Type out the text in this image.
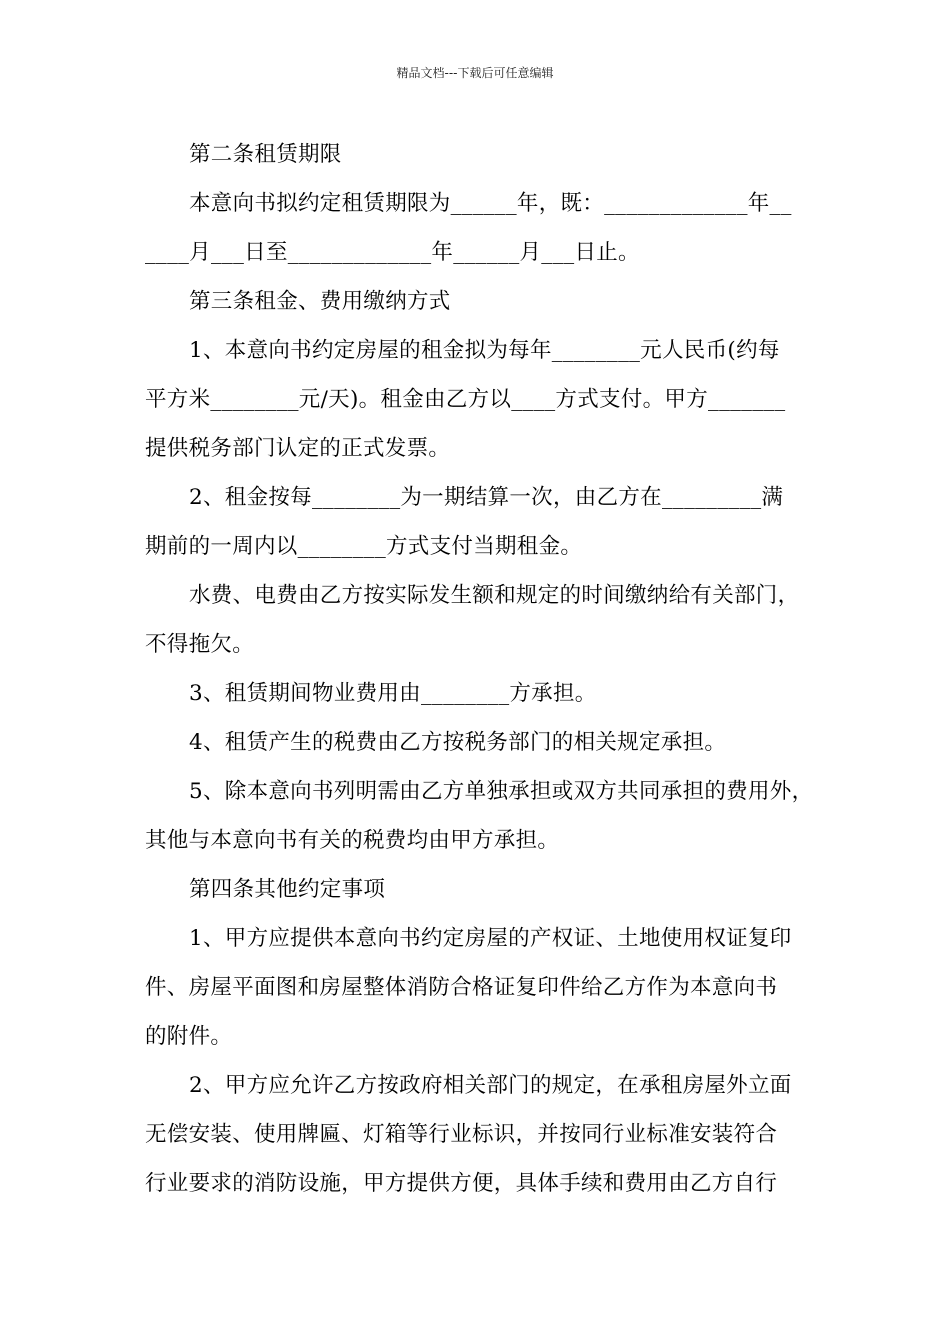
精品文档---下载后可任意编辑
第二条租赁期限
本意向书拟约定租赁期限为______年，既：_____________年__
____月___日至_____________年______月___日止。
第三条租金、费用缴纳方式
1、本意向书约定房屋的租金拟为每年________元人民币(约每
平方米________元/天)。租金由乙方以____方式支付。甲方_______
提供税务部门认定的正式发票。
2、租金按每________为一期结算一次，由乙方在_________满
期前的一周内以________方式支付当期租金。
水费、电费由乙方按实际发生额和规定的时间缴纳给有关部门，
不得拖欠。
3、租赁期间物业费用由________方承担。
4、租赁产生的税费由乙方按税务部门的相关规定承担。
5、除本意向书列明需由乙方单独承担或双方共同承担的费用外，
其他与本意向书有关的税费均由甲方承担。
第四条其他约定事项
1、甲方应提供本意向书约定房屋的产权证、土地使用权证复印
件、房屋平面图和房屋整体消防合格证复印件给乙方作为本意向书
的附件。
2、甲方应允许乙方按政府相关部门的规定，在承租房屋外立面
无偿安装、使用牌匾、灯箱等行业标识，并按同行业标准安装符合
行业要求的消防设施，甲方提供方便，具体手续和费用由乙方自行
